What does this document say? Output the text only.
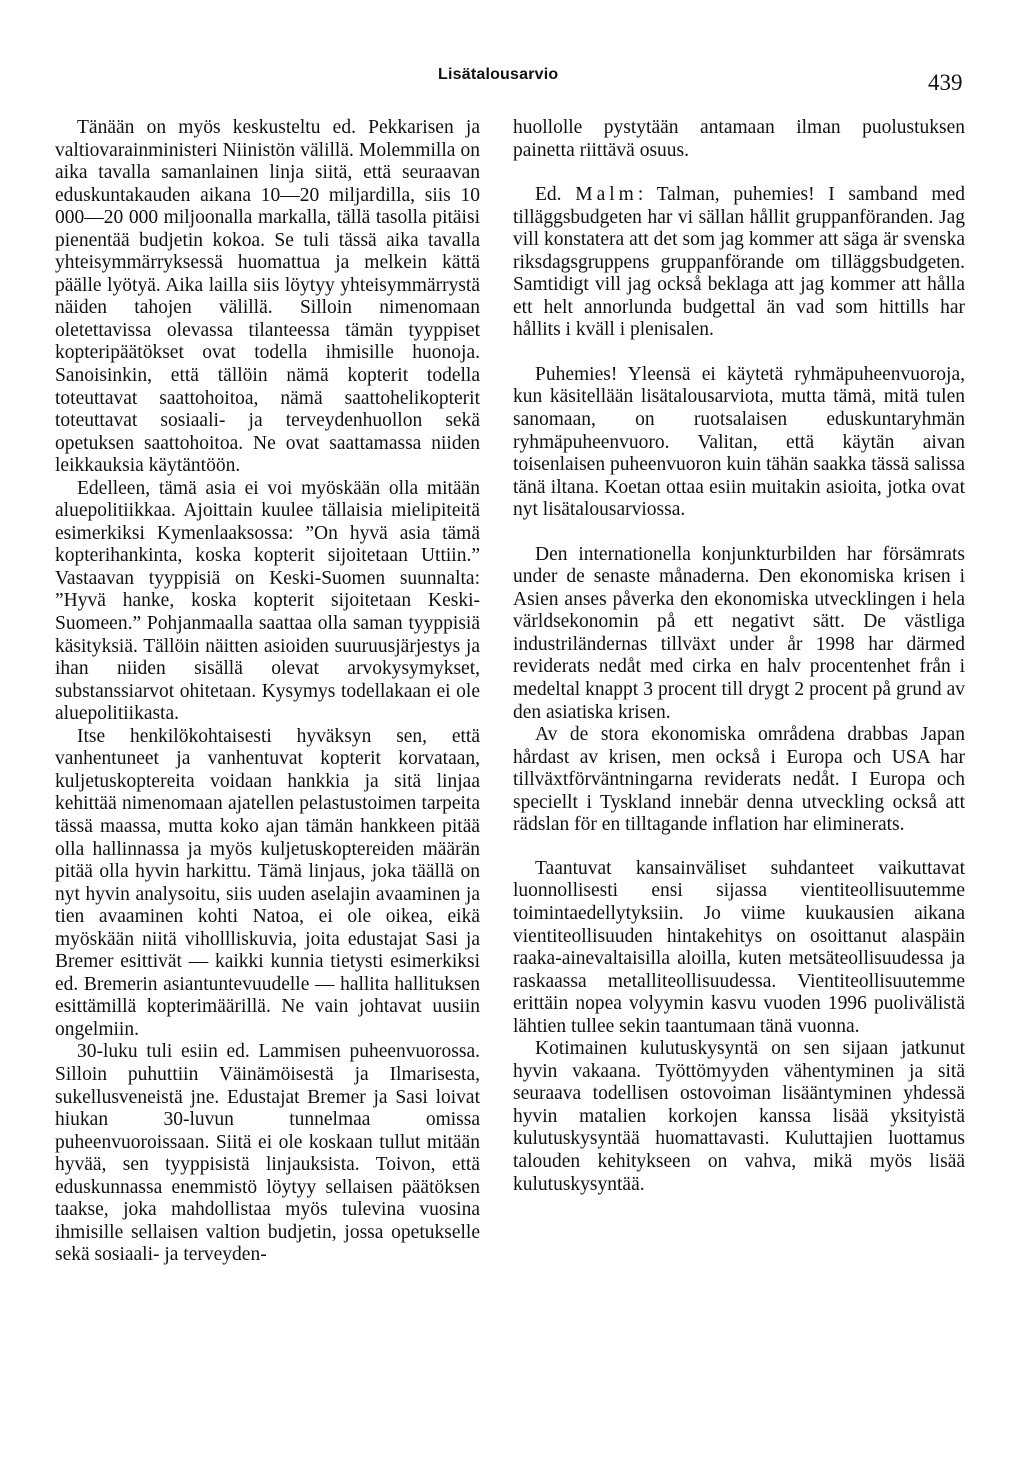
Lisätalousarvio	439

Tänään on myös keskusteltu ed. Pekkarisen ja valtiovarainministeri Niinistön välillä. Molemmilla on aika tavalla samanlainen linja siitä, että seuraavan eduskuntakauden aikana 10—20 miljardilla, siis 10 000—20 000 miljoonalla markalla, tällä tasolla pitäisi pienentää budjetin kokoa. Se tuli tässä aika tavalla yhteisymmärryksessä huomattua ja melkein kättä päälle lyötyä. Aika lailla siis löytyy yhteisymmärrystä näiden tahojen välillä. Silloin nimenomaan oletettavissa olevassa tilanteessa tämän tyyppiset kopteripäätökset ovat todella ihmisille huonoja. Sanoisinkin, että tällöin nämä kopterit todella toteuttavat saattohoitoa, nämä saattohelikopterit toteuttavat sosiaali- ja terveydenhuollon sekä opetuksen saattohoitoa. Ne ovat saattamassa niiden leikkauksia käytäntöön.

Edelleen, tämä asia ei voi myöskään olla mitään aluepolitiikkaa. Ajoittain kuulee tällaisia mielipiteitä esimerkiksi Kymenlaaksossa: ”On hyvä asia tämä kopterihankinta, koska kopterit sijoitetaan Uttiin.” Vastaavan tyyppisiä on Keski-Suomen suunnalta: ”Hyvä hanke, koska kopterit sijoitetaan Keski-Suomeen.” Pohjanmaalla saattaa olla saman tyyppisiä käsityksiä. Tällöin näitten asioiden suuruusjärjestys ja ihan niiden sisällä olevat arvokysymykset, substanssiarvot ohitetaan. Kysymys todellakaan ei ole aluepolitiikasta.

Itse henkilökohtaisesti hyväksyn sen, että vanhentuneet ja vanhentuvat kopterit korvataan, kuljetuskoptereita voidaan hankkia ja sitä linjaa kehittää nimenomaan ajatellen pelastustoimen tarpeita tässä maassa, mutta koko ajan tämän hankkeen pitää olla hallinnassa ja myös kuljetuskoptereiden määrän pitää olla hyvin harkittu. Tämä linjaus, joka täällä on nyt hyvin analysoitu, siis uuden aselajin avaaminen ja tien avaaminen kohti Natoa, ei ole oikea, eikä myöskään niitä vihollliskuvia, joita edustajat Sasi ja Bremer esittivät — kaikki kunnia tietysti esimerkiksi ed. Bremerin asiantuntevuudelle — hallita hallituksen esittämillä kopterimäärillä. Ne vain johtavat uusiin ongelmiin.

30-luku tuli esiin ed. Lammisen puheenvuorossa. Silloin puhuttiin Väinämöisestä ja Ilmarisesta, sukellusveneistä jne. Edustajat Bremer ja Sasi loivat hiukan 30-luvun tunnelmaa omissa puheenvuoroissaan. Siitä ei ole koskaan tullut mitään hyvää, sen tyyppisistä linjauksista. Toivon, että eduskunnassa enemmistö löytyy sellaisen päätöksen taakse, joka mahdollistaa myös tulevina vuosina ihmisille sellaisen valtion budjetin, jossa opetukselle sekä sosiaali- ja terveyden-

huollolle pystytään antamaan ilman puolustuksen painetta riittävä osuus.

Ed. Malm: Talman, puhemies! I samband med tilläggsbudgeten har vi sällan hållit gruppanföranden. Jag vill konstatera att det som jag kommer att säga är svenska riksdagsgruppens gruppanförande om tilläggsbudgeten. Samtidigt vill jag också beklaga att jag kommer att hålla ett helt annorlunda budgettal än vad som hittills har hållits i kväll i plenisalen.

Puhemies! Yleensä ei käytetä ryhmäpuheenvuoroja, kun käsitellään lisätalousarviota, mutta tämä, mitä tulen sanomaan, on ruotsalaisen eduskuntaryhmän ryhmäpuheenvuoro. Valitan, että käytän aivan toisenlaisen puheenvuoron kuin tähän saakka tässä salissa tänä iltana. Koetan ottaa esiin muitakin asioita, jotka ovat nyt lisätalousarviossa.

Den internationella konjunkturbilden har försämrats under de senaste månaderna. Den ekonomiska krisen i Asien anses påverka den ekonomiska utvecklingen i hela världsekonomin på ett negativt sätt. De västliga industriländernas tillväxt under år 1998 har därmed reviderats nedåt med cirka en halv procentenhet från i medeltal knappt 3 procent till drygt 2 procent på grund av den asiatiska krisen.

Av de stora ekonomiska områdena drabbas Japan hårdast av krisen, men också i Europa och USA har tillväxtförväntningarna reviderats nedåt. I Europa och speciellt i Tyskland innebär denna utveckling också att rädslan för en tilltagande inflation har eliminerats.

Taantuvat kansainväliset suhdanteet vaikuttavat luonnollisesti ensi sijassa vientiteollisuutemme toimintaedellytyksiin. Jo viime kuukausien aikana vientiteollisuuden hintakehitys on osoittanut alaspäin raaka-ainevaltaisilla aloilla, kuten metsäteollisuudessa ja raskaassa metalliteollisuudessa. Vientiteollisuutemme erittäin nopea volyymin kasvu vuoden 1996 puolivälistä lähtien tullee sekin taantumaan tänä vuonna.

Kotimainen kulutuskysyntä on sen sijaan jatkunut hyvin vakaana. Työttömyyden vähentyminen ja sitä seuraava todellisen ostovoiman lisääntyminen yhdessä hyvin matalien korkojen kanssa lisää yksityistä kulutuskysyntää huomattavasti. Kuluttajien luottamus talouden kehitykseen on vahva, mikä myös lisää kulutuskysyntää.
